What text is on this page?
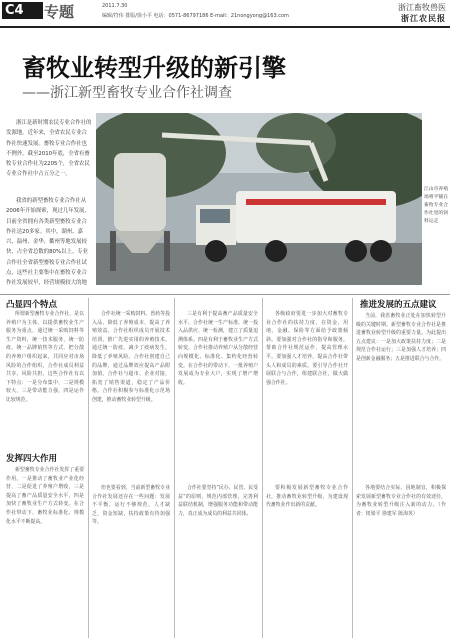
C4	专题	2011.7.30
编辑/符伟 排版/徐小平 电话：0571-86797186 E-mail：21nongyong@163.com
浙江畜牧兽医
浙江农民报
畜牧业转型升级的新引擎
——浙江新型畜牧专业合作社调查

浙江是新时期农民专业合作社的发源地。近年来，全省农民专业合作社快速发展。畜牧专业合作社也不例外。截至2010年底，全省有畜牧专业合作社为2205个，全省农民专业合作社中占五分之一。

我省的新型畜牧专业合作社从2006年开始探索，现过几年发展，目前全省拥有各类新型畜牧专业合作社达20多家。其中，湖州、嘉兴、温州、金华、衢州等地发展较快，占全省总数的80%以上。专业合作社全省新型畜牧专业合作社试点，这些社主要集中在畜牧专业合作社发展较早，经营规模较大的地

江山市养殖场将平铺在畜牧专业合作社里的饲料运走
凸显四个特点
发挥四大作用
推进发展的五点建议

所谓新型畜牧专业合作社，是以养殖户为主体，以提供畜牧业生产服务为重点，通过统一采购饲料等生产资料，统一技术服务，统一防疫、统一品牌销售等方式，把分散的养殖户组织起来，共同应对市场风险的合作组织。合作社成员利益共享、风险共担。这些合作社有以下特点：一是分布集中，二是规模较大，三是带动能力强，四是运作比较规范。

新型畜牧专业合作社发挥了重要作用。一是推动了畜牧业产业化经营，二是促进了养殖户增收，三是提高了畜产品质量安全水平，四是加快了畜牧业生产方式转变。在合作社带动下，畜牧业标准化、规模化水平不断提高。

合作社统一采购饲料、兽药等投入品，降低了养殖成本，提高了养殖效益。合作社组织成员开展技术培训，推广先进实用的养殖技术。通过统一防疫，减少了疫病发生，降低了养殖风险。合作社创建自己的品牌，通过品牌效应提高产品附加值。合作社与超市、企业对接，拓宽了销售渠道，稳定了产品价格。合作社积极参与标准化示范场创建，推动畜牧业转型升级。

但也要看到，当前新型畜牧专业合作社发展还存在一些问题：发展不平衡，运行不够规范，人才缺乏，资金短缺，扶持政策有待加强等。

三是有利于提高畜产品质量安全水平。合作社统一生产标准、统一投入品供应、统一检测，建立了质量追溯体系。四是有利于畜牧业生产方式转变。合作社推动养殖户从分散经营向规模化、标准化、集约化经营转变。在合作社的带动下，一批养殖户发展成为专业大户，实现了增产增收。

合作社要坚持“民办、民管、民受益”的原则，规范内部管理，完善利益联结机制，增强服务功能和带动能力，真正成为成员的利益共同体。

各级政府要进一步加大对畜牧专业合作社的扶持力度，在资金、用地、金融、保险等方面给予政策倾斜。要加强对合作社的指导和服务，帮助合作社规范运作，提高管理水平。要加强人才培养，提高合作社带头人和成员的素质。要引导合作社开展联合与合作，组建联合社，做大做强合作社。

要积极发展新型畜牧专业合作社，推动畜牧业转型升级，为建设现代畜牧业作出新的贡献。

当前，我省畜牧业正处在加快转型升级的关键时期。新型畜牧专业合作社是推进畜牧业转型升级的重要力量。为此提出五点建议：一是加大政策扶持力度；二是规范合作社运行；三是加强人才培养；四是创新金融服务；五是推进联合与合作。

各地要结合实际，因地制宜，积极探索发展新型畜牧专业合作社的有效途径，为畜牧业转型升级注入新的动力。（作者：钮梁平 徐建军 陈海英）
